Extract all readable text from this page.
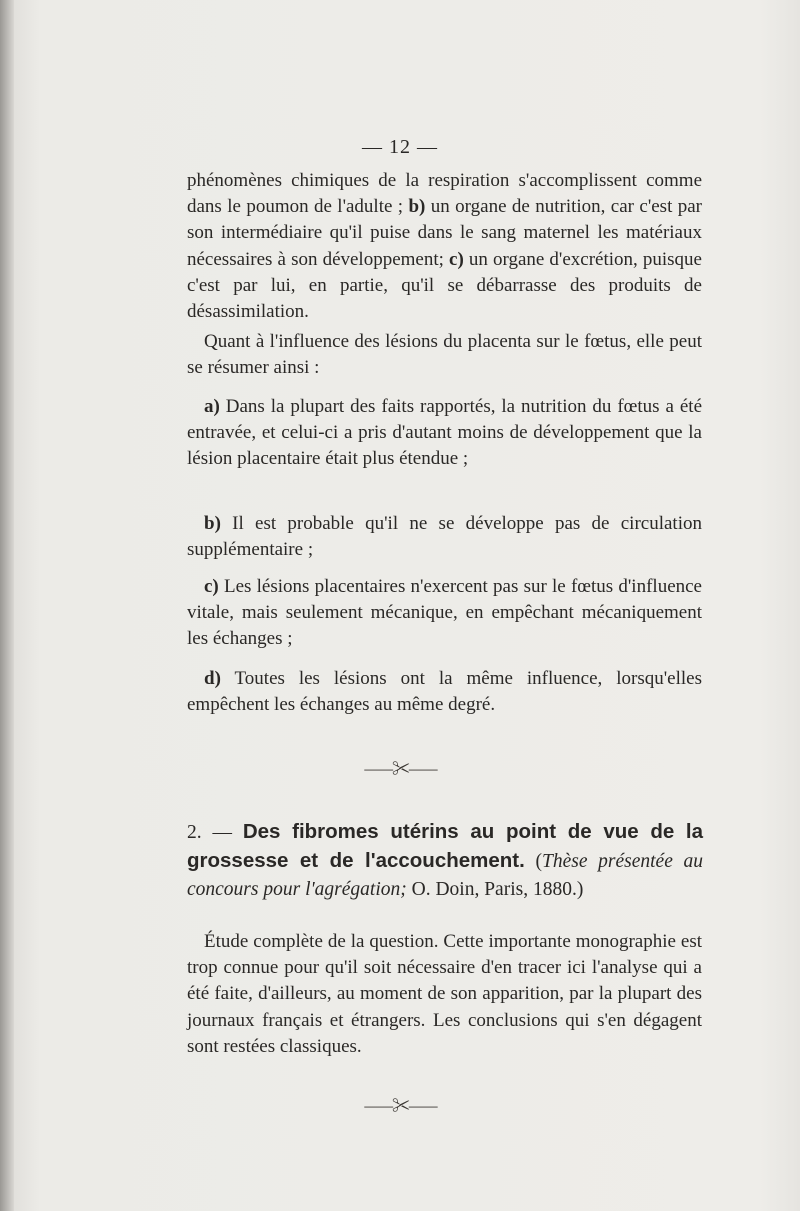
— 12 —

phénomènes chimiques de la respiration s'accomplissent comme dans le poumon de l'adulte ; b) un organe de nutrition, car c'est par son intermédiaire qu'il puise dans le sang maternel les matériaux nécessaires à son développement; c) un organe d'excrétion, puisque c'est par lui, en partie, qu'il se débarrasse des produits de désassimilation.

Quant à l'influence des lésions du placenta sur le fœtus, elle peut se résumer ainsi :

a) Dans la plupart des faits rapportés, la nutrition du fœtus a été entravée, et celui-ci a pris d'autant moins de développement que la lésion placentaire était plus étendue ;

b) Il est probable qu'il ne se développe pas de circulation supplémentaire ;

c) Les lésions placentaires n'exercent pas sur le fœtus d'influence vitale, mais seulement mécanique, en empêchant mécaniquement les échanges ;

d) Toutes les lésions ont la même influence, lorsqu'elles empêchent les échanges au même degré.

⸺✂⸺
2. — Des fibromes utérins au point de vue de la grossesse et de l'accouchement. (Thèse présentée au concours pour l'agrégation; O. Doin, Paris, 1880.)

Étude complète de la question. Cette importante monographie est trop connue pour qu'il soit nécessaire d'en tracer ici l'analyse qui a été faite, d'ailleurs, au moment de son apparition, par la plupart des journaux français et étrangers. Les conclusions qui s'en dégagent sont restées classiques.

⸺✂⸺
